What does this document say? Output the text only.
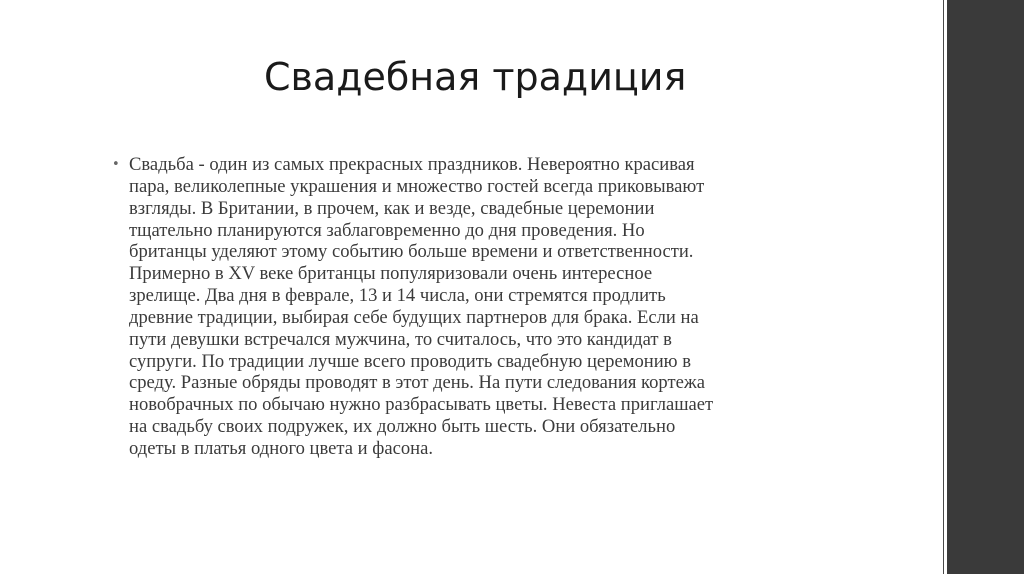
Свадебная традиция
• Свадьба - один из самых прекрасных праздников. Невероятно красивая
пара, великолепные украшения и множество гостей всегда приковывают
взгляды. В Британии, в прочем, как и везде, свадебные церемонии
тщательно планируются заблаговременно до дня проведения. Но
британцы уделяют этому событию больше времени и ответственности.
Примерно в XV веке британцы популяризовали очень интересное
зрелище. Два дня в феврале, 13 и 14 числа, они стремятся продлить
древние традиции, выбирая себе будущих партнеров для брака. Если на
пути девушки встречался мужчина, то считалось, что это кандидат в
супруги. По традиции лучше всего проводить свадебную церемонию в
среду. Разные обряды проводят в этот день. На пути следования кортежа
новобрачных по обычаю нужно разбрасывать цветы. Невеста приглашает
на свадьбу своих подружек, их должно быть шесть. Они обязательно
одеты в платья одного цвета и фасона.
